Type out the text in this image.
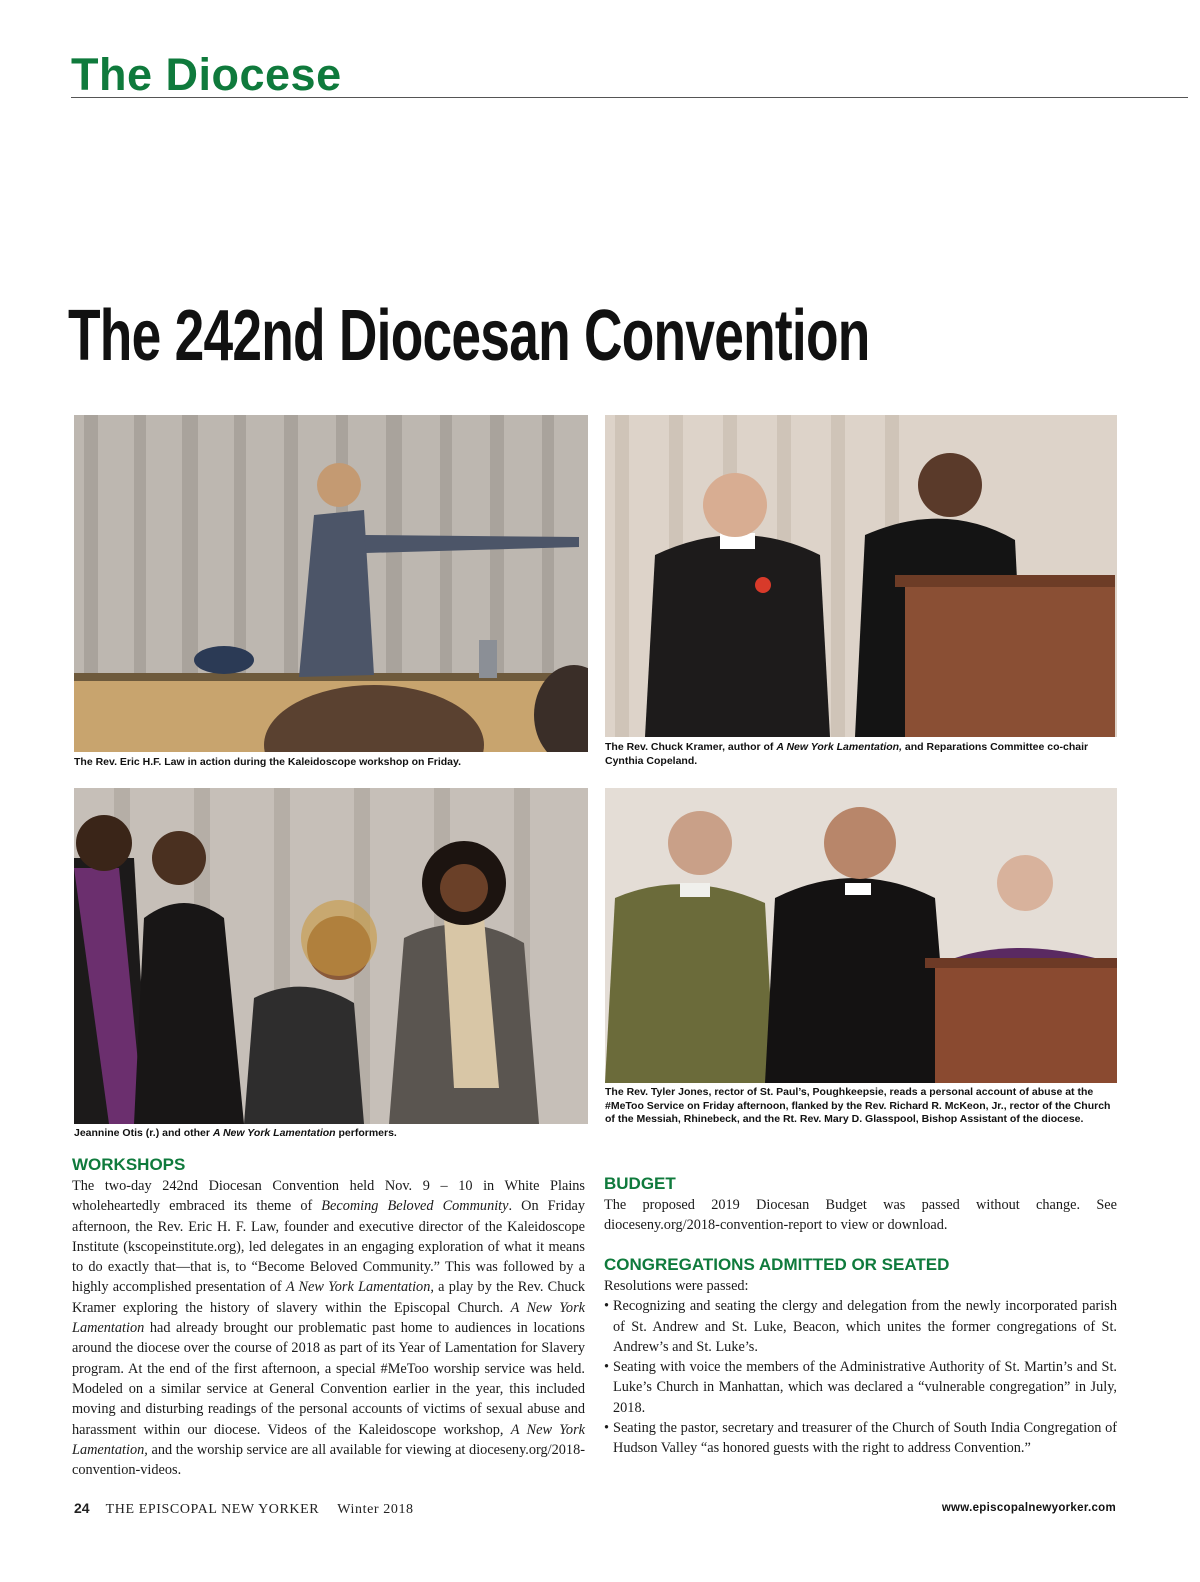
The Diocese
The 242nd Diocesan Convention
The Rev. Eric H.F. Law in action during the Kaleidoscope workshop on Friday.
The Rev. Chuck Kramer, author of A New York Lamentation, and Reparations Committee co-chair Cynthia Copeland.
Jeannine Otis (r.) and other A New York Lamentation performers.
The Rev. Tyler Jones, rector of St. Paul’s, Poughkeepsie, reads a personal account of abuse at the #MeToo Service on Friday afternoon, flanked by the Rev. Richard R. McKeon, Jr., rector of the Church of the Messiah, Rhinebeck, and the Rt. Rev. Mary D. Glasspool, Bishop Assistant of the diocese.
WORKSHOPS

The two-day 242nd Diocesan Convention held Nov. 9 – 10 in White Plains wholeheartedly embraced its theme of Becoming Beloved Community. On Friday afternoon, the Rev. Eric H. F. Law, founder and executive director of the Kaleidoscope Institute (kscopeinstitute.org), led delegates in an engaging exploration of what it means to do exactly that—that is, to “Become Beloved Community.” This was followed by a highly accomplished presentation of A New York Lamentation, a play by the Rev. Chuck Kramer exploring the history of slavery within the Episcopal Church. A New York Lamentation had already brought our problematic past home to audiences in locations around the diocese over the course of 2018 as part of its Year of Lamentation for Slavery program. At the end of the first afternoon, a special #MeToo worship service was held. Modeled on a similar service at General Convention earlier in the year, this included moving and disturbing readings of the personal accounts of victims of sexual abuse and harassment within our diocese. Videos of the Kaleidoscope workshop, A New York Lamentation, and the worship service are all available for viewing at dioceseny.org/2018-convention-videos.

BUDGET

The proposed 2019 Diocesan Budget was passed without change. See dioceseny.org/2018-convention-report to view or download.

CONGREGATIONS ADMITTED OR SEATED

Resolutions were passed:

• Recognizing and seating the clergy and delegation from the newly incorporated parish of St. Andrew and St. Luke, Beacon, which unites the former congregations of St. Andrew’s and St. Luke’s.
• Seating with voice the members of the Administrative Authority of St. Martin’s and St. Luke’s Church in Manhattan, which was declared a “vulnerable congregation” in July, 2018.
• Seating the pastor, secretary and treasurer of the Church of South India Congregation of Hudson Valley “as honored guests with the right to address Convention.”
24 THE EPISCOPAL NEW YORKER Winter 2018	www.episcopalnewyorker.com
